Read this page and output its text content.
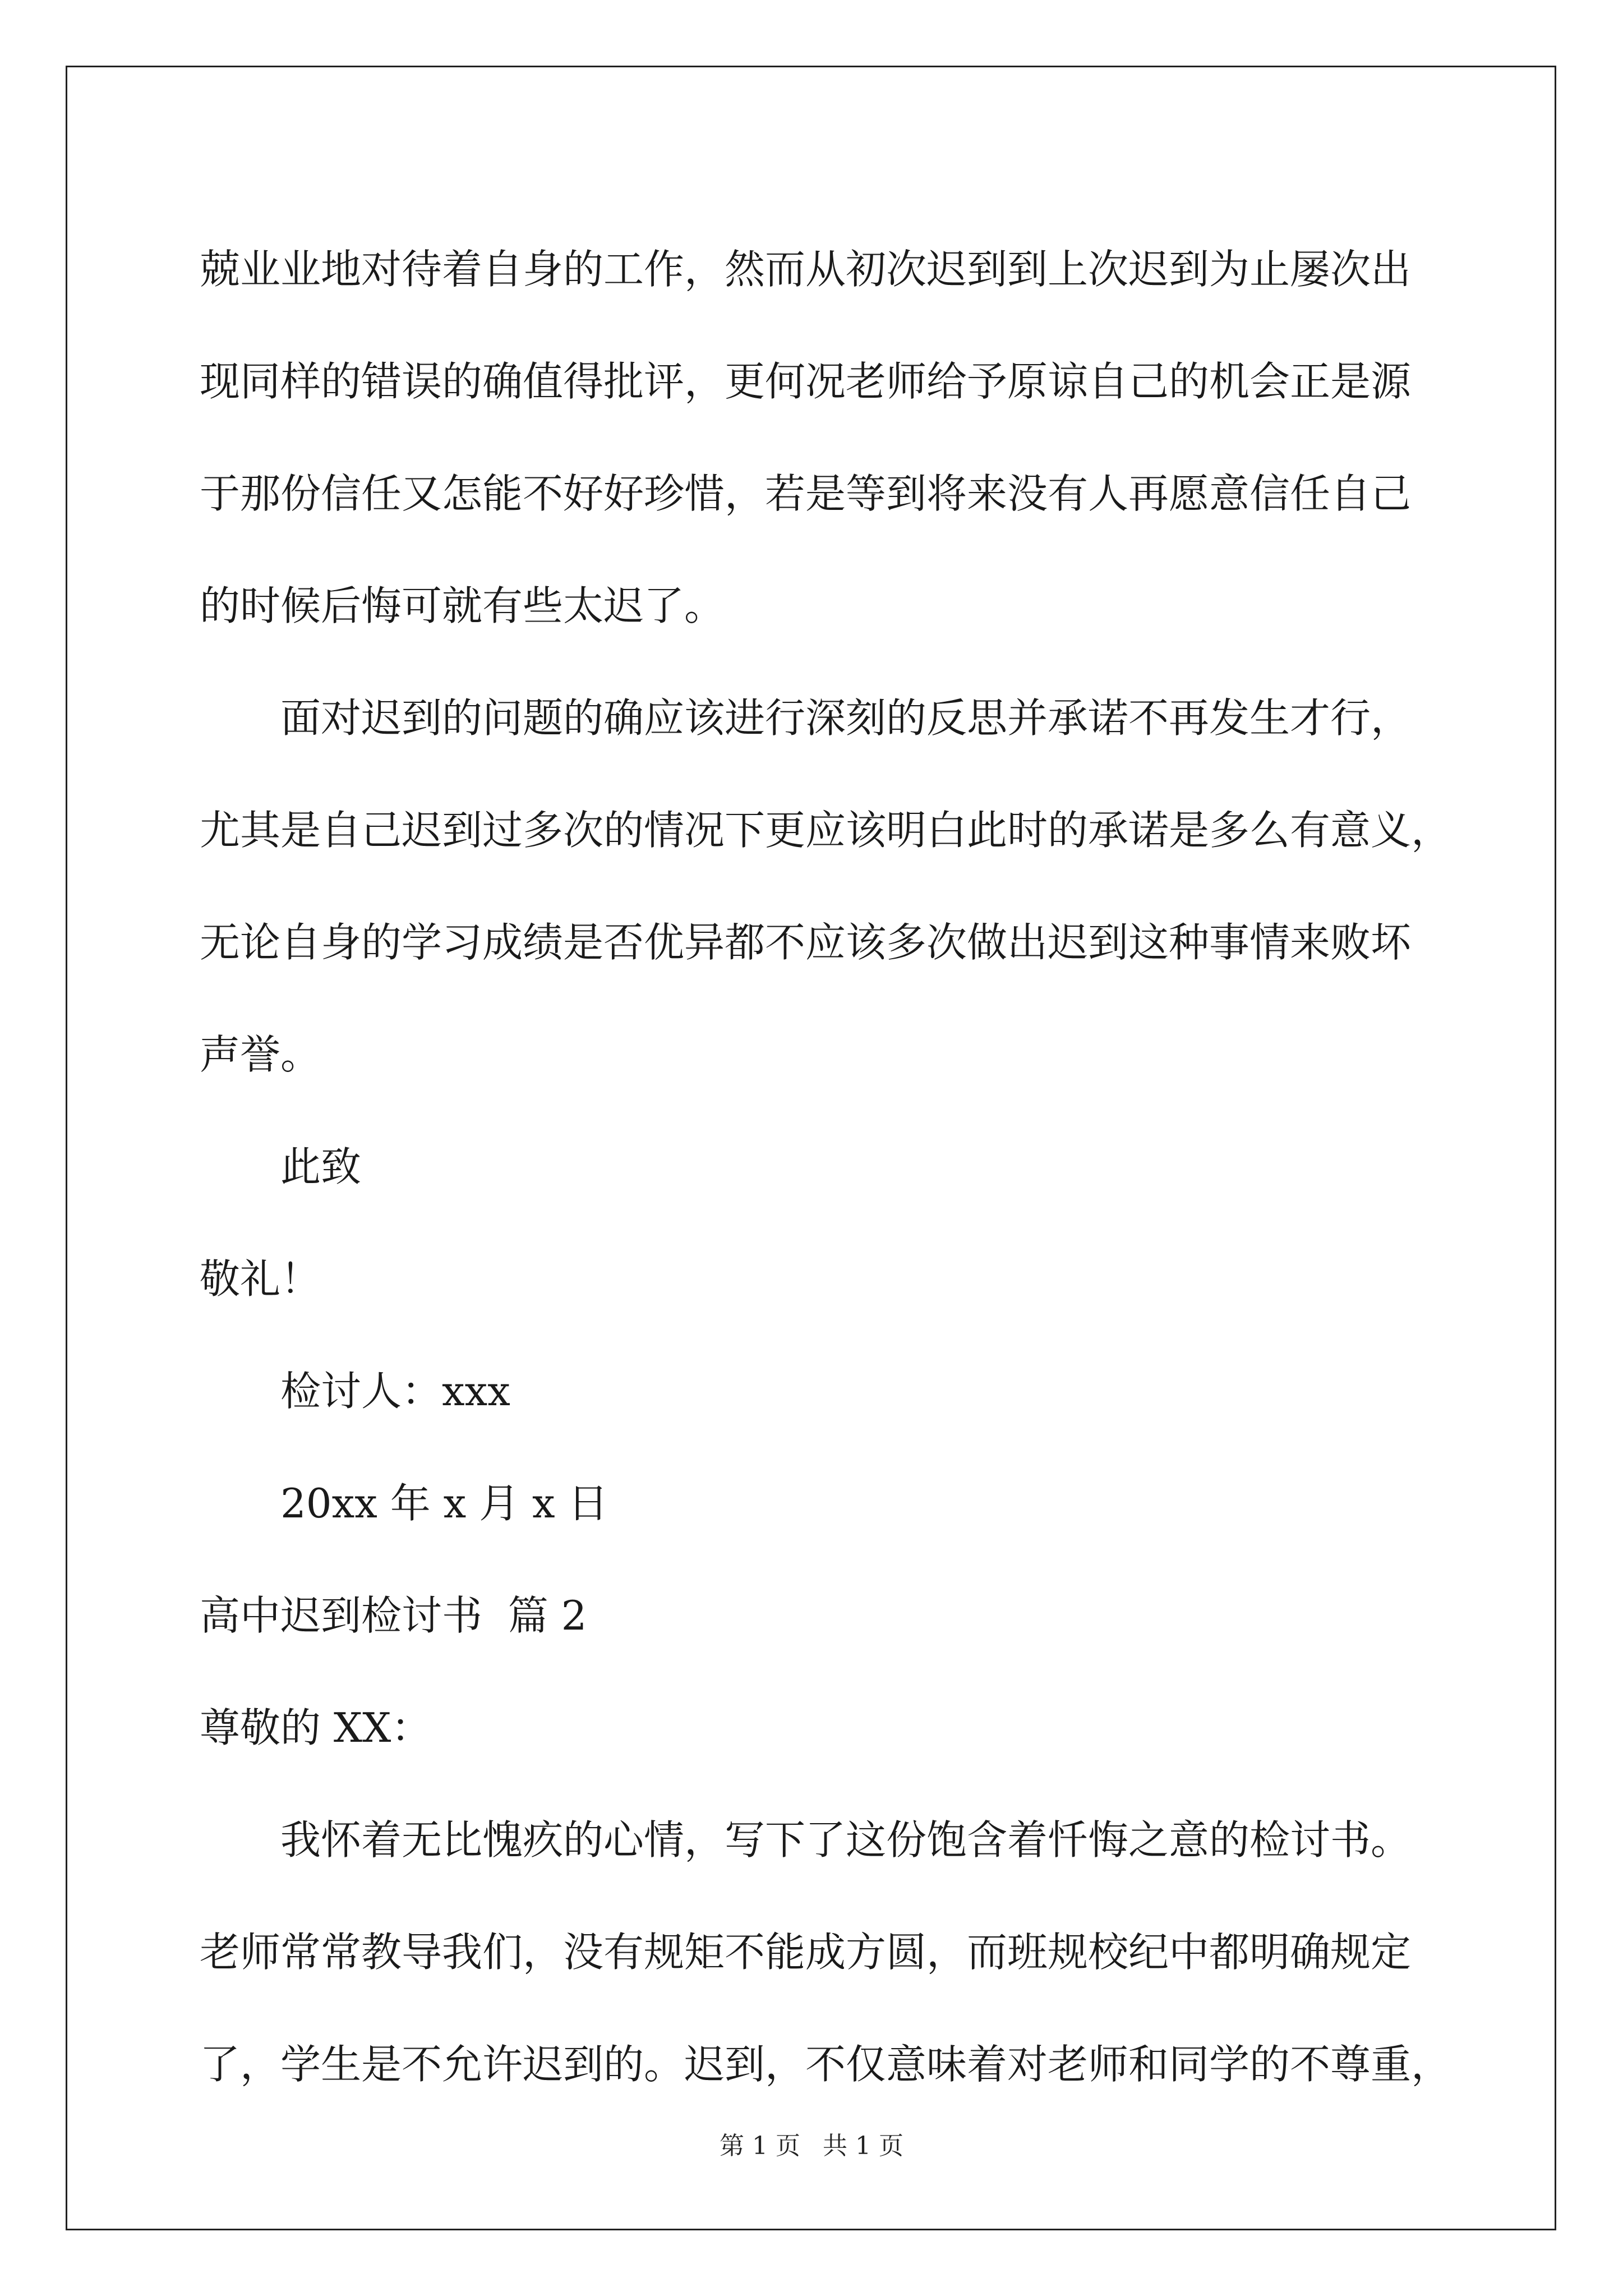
兢业业地对待着自身的工作，然而从初次迟到到上次迟到为止屡次出
现同样的错误的确值得批评，更何况老师给予原谅自己的机会正是源
于那份信任又怎能不好好珍惜，若是等到将来没有人再愿意信任自己
的时候后悔可就有些太迟了。
面对迟到的问题的确应该进行深刻的反思并承诺不再发生才行，
尤其是自己迟到过多次的情况下更应该明白此时的承诺是多么有意义，
无论自身的学习成绩是否优异都不应该多次做出迟到这种事情来败坏
声誉。
此致
敬礼！
检讨人：xxx
20xx 年 x 月 x 日
高中迟到检讨书  篇 2
尊敬的 XX：
我怀着无比愧疚的心情，写下了这份饱含着忏悔之意的检讨书。
老师常常教导我们，没有规矩不能成方圆，而班规校纪中都明确规定
了，学生是不允许迟到的。迟到，不仅意味着对老师和同学的不尊重，
第 1 页 共 1 页
